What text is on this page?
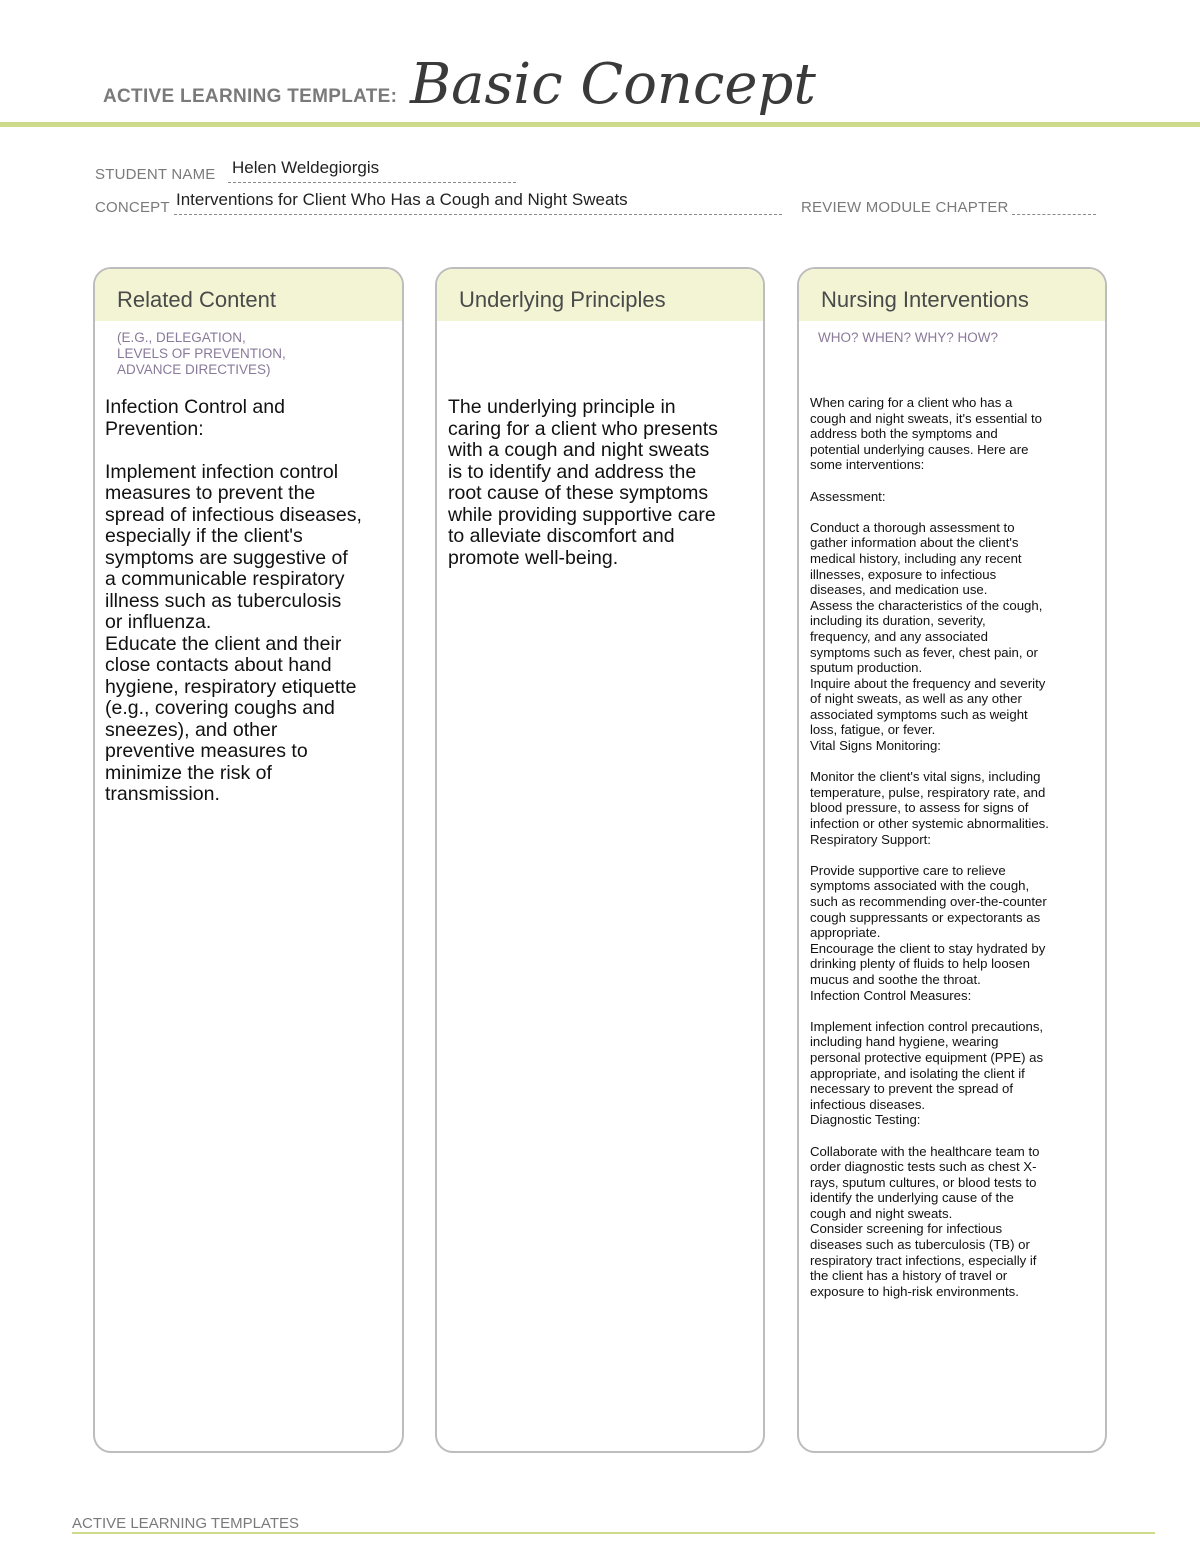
ACTIVE LEARNING TEMPLATE: Basic Concept
STUDENT NAME Helen Weldegiorgis
CONCEPT Interventions for Client Who Has a Cough and Night Sweats	REVIEW MODULE CHAPTER
Related Content
(E.G., DELEGATION,
LEVELS OF PREVENTION,
ADVANCE DIRECTIVES)
Infection Control and
Prevention:

Implement infection control
measures to prevent the
spread of infectious diseases,
especially if the client's
symptoms are suggestive of
a communicable respiratory
illness such as tuberculosis
or influenza.
Educate the client and their
close contacts about hand
hygiene, respiratory etiquette
(e.g., covering coughs and
sneezes), and other
preventive measures to
minimize the risk of
transmission.
Underlying Principles
The underlying principle in
caring for a client who presents
with a cough and night sweats
is to identify and address the
root cause of these symptoms
while providing supportive care
to alleviate discomfort and
promote well-being.
Nursing Interventions
WHO? WHEN? WHY? HOW?
When caring for a client who has a
cough and night sweats, it's essential to
address both the symptoms and
potential underlying causes. Here are
some interventions:

Assessment:

Conduct a thorough assessment to
gather information about the client's
medical history, including any recent
illnesses, exposure to infectious
diseases, and medication use.
Assess the characteristics of the cough,
including its duration, severity,
frequency, and any associated
symptoms such as fever, chest pain, or
sputum production.
Inquire about the frequency and severity
of night sweats, as well as any other
associated symptoms such as weight
loss, fatigue, or fever.
Vital Signs Monitoring:

Monitor the client's vital signs, including
temperature, pulse, respiratory rate, and
blood pressure, to assess for signs of
infection or other systemic abnormalities.
Respiratory Support:

Provide supportive care to relieve
symptoms associated with the cough,
such as recommending over-the-counter
cough suppressants or expectorants as
appropriate.
Encourage the client to stay hydrated by
drinking plenty of fluids to help loosen
mucus and soothe the throat.
Infection Control Measures:

Implement infection control precautions,
including hand hygiene, wearing
personal protective equipment (PPE) as
appropriate, and isolating the client if
necessary to prevent the spread of
infectious diseases.
Diagnostic Testing:

Collaborate with the healthcare team to
order diagnostic tests such as chest X-
rays, sputum cultures, or blood tests to
identify the underlying cause of the
cough and night sweats.
Consider screening for infectious
diseases such as tuberculosis (TB) or
respiratory tract infections, especially if
the client has a history of travel or
exposure to high-risk environments.
ACTIVE LEARNING TEMPLATES
